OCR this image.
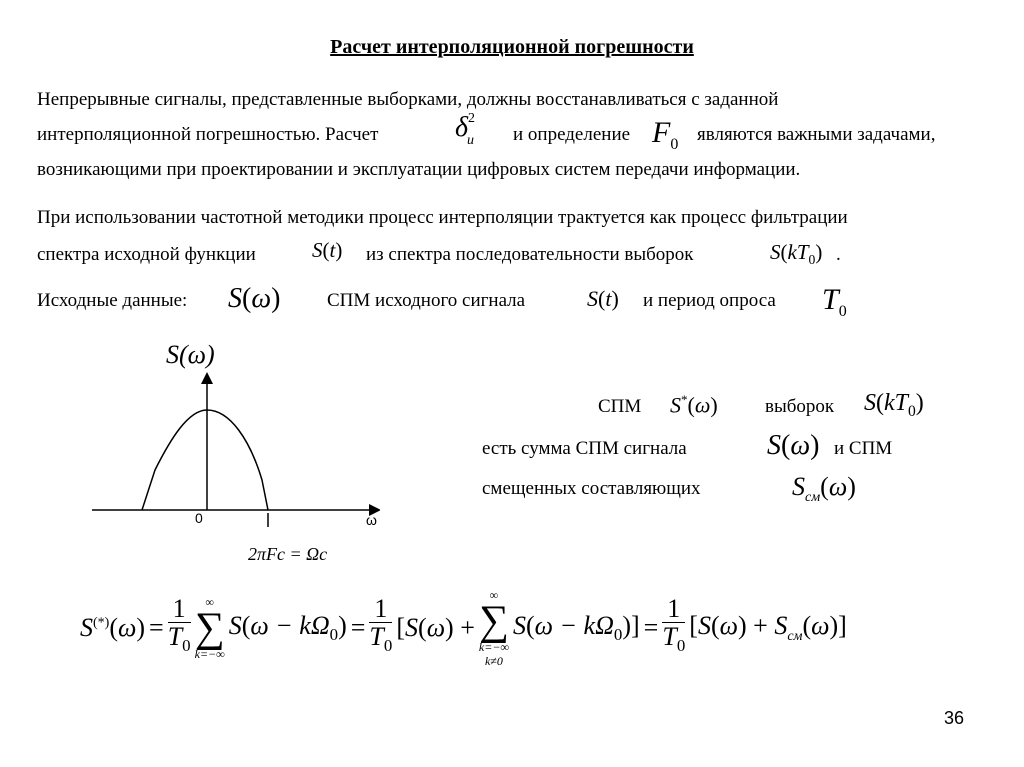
Расчет интерполяционной погрешности
Непрерывные сигналы, представленные выборками, должны восстанавливаться с заданной
интерполяционной погрешностью. Расчет	$\delta^2_и$	и определение $F_0$ являются важными задачами,
возникающими при проектировании и эксплуатации цифровых систем передачи информации.
При использовании частотной методики процесс интерполяции трактуется как процесс фильтрации
спектра исходной функции	S(t) из спектра последовательности выборок	$S(kT_0)$ .
Исходные данные: S(ω) СПМ исходного сигнала	S(t) и период опроса $T_0$
S(ω)
0	ω
2πFc = Ωc
СПМ S*(ω) выборок $S(kT_0)$
есть сумма СПМ сигнала	S(ω) и СПМ
смещенных составляющих	$S_{см}(\omega)$
$S^{(*)}(\omega) = \frac{1}{T_0}$	∞
∑
k=−∞
$S(\omega - k\Omega_0) = \frac{1}{T_0} [S(\omega)$ +
∞
∑
k=−∞
k≠0
$S(\omega - k\Omega_0)] = \frac{1}{T_0} [S(\omega) + S_{см}(\omega)]$
36
